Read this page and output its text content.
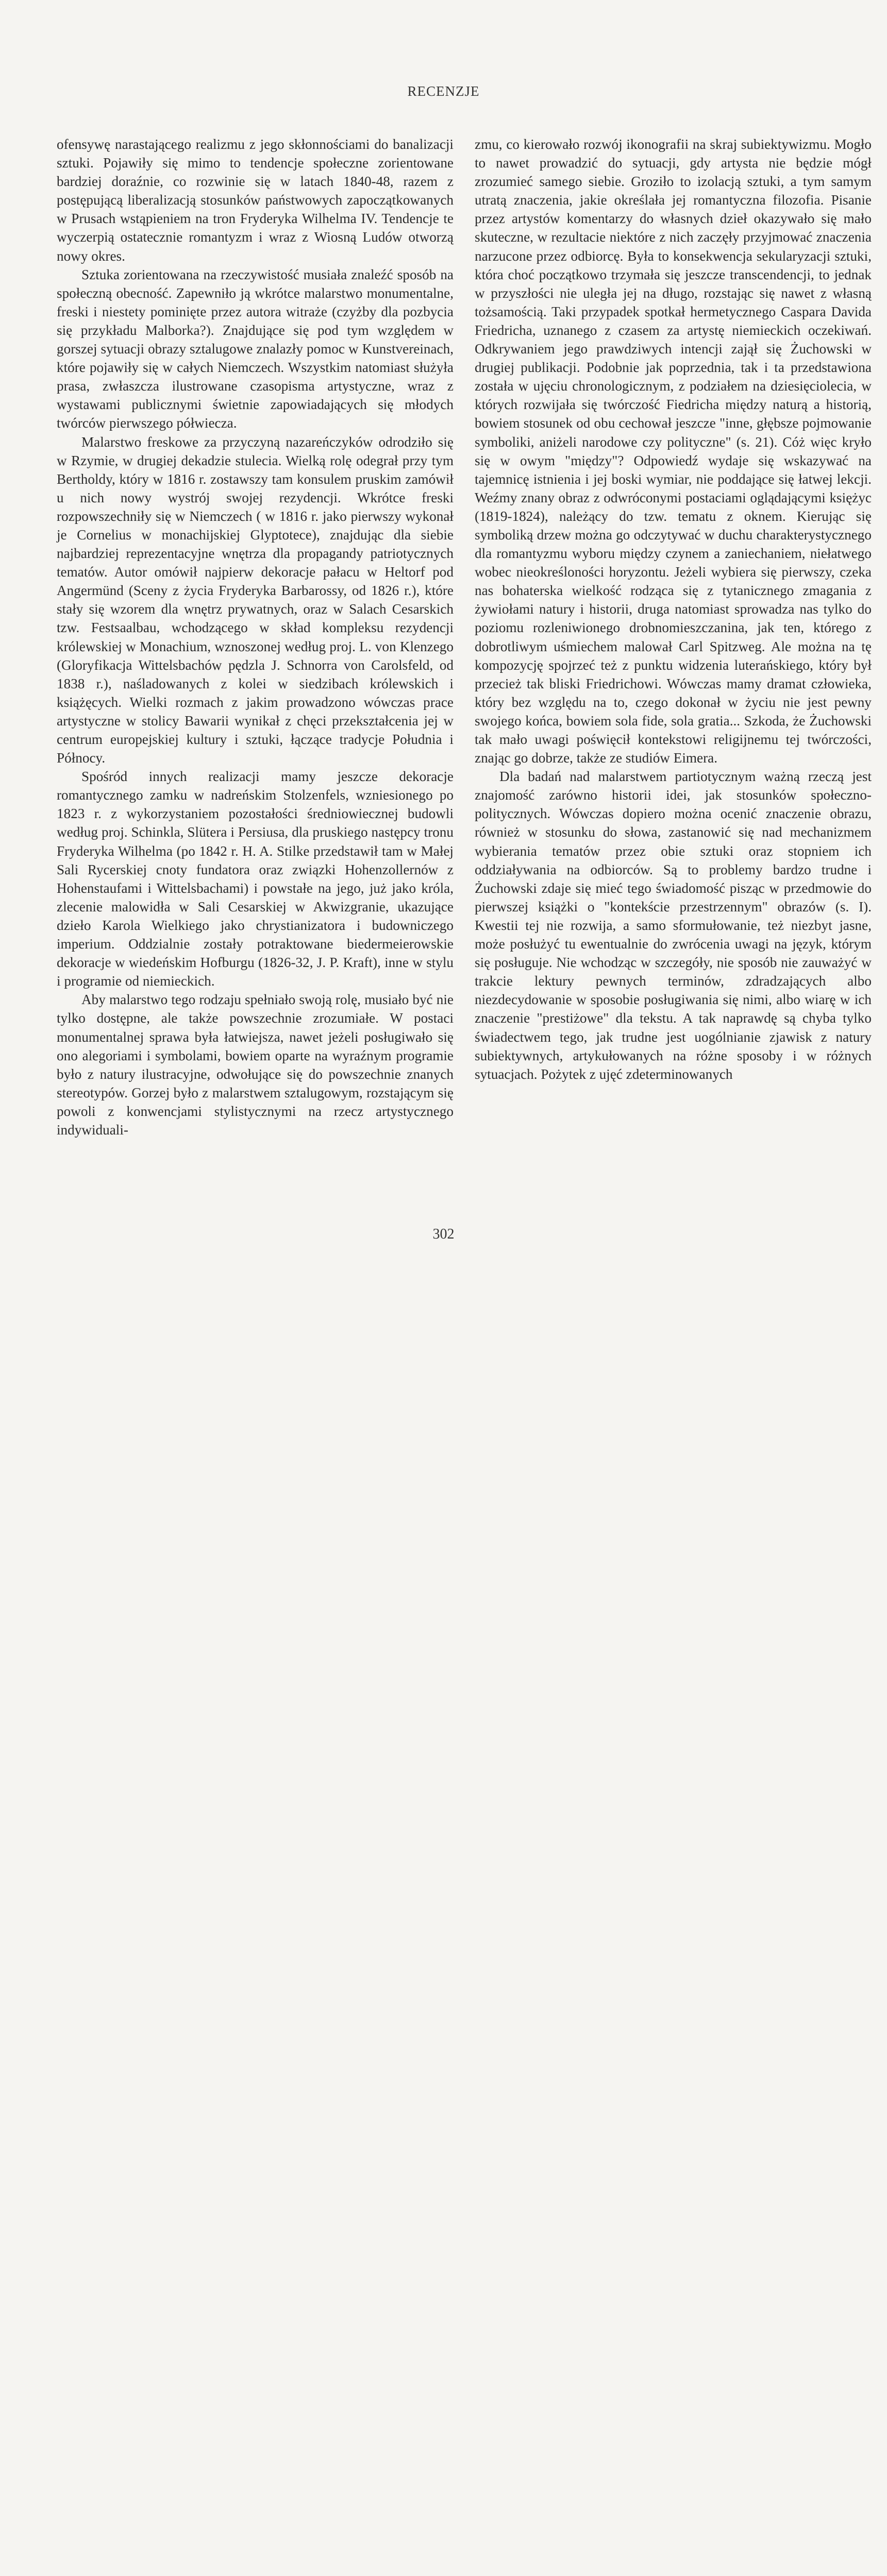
RECENZJE

ofensywę narastającego realizmu z jego skłonnościami do banalizacji sztuki. Pojawiły się mimo to tendencje społeczne zorientowane bardziej doraźnie, co rozwinie się w latach 1840-48, razem z postępującą liberalizacją stosunków państwowych zapoczątkowanych w Prusach wstąpieniem na tron Fryderyka Wilhelma IV. Tendencje te wyczerpią ostatecznie romantyzm i wraz z Wiosną Ludów otworzą nowy okres.

Sztuka zorientowana na rzeczywistość musiała znaleźć sposób na społeczną obecność. Zapewniło ją wkrótce malarstwo monumentalne, freski i niestety pominięte przez autora witraże (czyżby dla pozbycia się przykładu Malborka?). Znajdujące się pod tym względem w gorszej sytuacji obrazy sztalugowe znalazły pomoc w Kunstvereinach, które pojawiły się w całych Niemczech. Wszystkim natomiast służyła prasa, zwłaszcza ilustrowane czasopisma artystyczne, wraz z wystawami publicznymi świetnie zapowiadających się młodych twórców pierwszego półwiecza.

Malarstwo freskowe za przyczyną nazareńczyków odrodziło się w Rzymie, w drugiej dekadzie stulecia. Wielką rolę odegrał przy tym Bertholdy, który w 1816 r. zostawszy tam konsulem pruskim zamówił u nich nowy wystrój swojej rezydencji. Wkrótce freski rozpowszechniły się w Niemczech ( w 1816 r. jako pierwszy wykonał je Cornelius w monachijskiej Glyptotece), znajdując dla siebie najbardziej reprezentacyjne wnętrza dla propagandy patriotycznych tematów. Autor omówił najpierw dekoracje pałacu w Heltorf pod Angermünd (Sceny z życia Fryderyka Barbarossy, od 1826 r.), które stały się wzorem dla wnętrz prywatnych, oraz w Salach Cesarskich tzw. Festsaalbau, wchodzącego w skład kompleksu rezydencji królewskiej w Monachium, wznoszonej według proj. L. von Klenzego (Gloryfikacja Wittelsbachów pędzla J. Schnorra von Carolsfeld, od 1838 r.), naśladowanych z kolei w siedzibach królewskich i książęcych. Wielki rozmach z jakim prowadzono wówczas prace artystyczne w stolicy Bawarii wynikał z chęci przekształcenia jej w centrum europejskiej kultury i sztuki, łączące tradycje Południa i Północy.

Spośród innych realizacji mamy jeszcze dekoracje romantycznego zamku w nadreńskim Stolzenfels, wzniesionego po 1823 r. z wykorzystaniem pozostałości średniowiecznej budowli według proj. Schinkla, Slütera i Persiusa, dla pruskiego następcy tronu Fryderyka Wilhelma (po 1842 r. H. A. Stilke przedstawił tam w Małej Sali Rycerskiej cnoty fundatora oraz związki Hohenzollernów z Hohenstaufami i Wittelsbachami) i powstałe na jego, już jako króla, zlecenie malowidła w Sali Cesarskiej w Akwizgranie, ukazujące dzieło Karola Wielkiego jako chrystianizatora i budowniczego imperium. Oddzialnie zostały potraktowane biedermeierowskie dekoracje w wiedeńskim Hofburgu (1826-32, J. P. Kraft), inne w stylu i programie od niemieckich.

Aby malarstwo tego rodzaju spełniało swoją rolę, musiało być nie tylko dostępne, ale także powszechnie zrozumiałe. W postaci monumentalnej sprawa była łatwiejsza, nawet jeżeli posługiwało się ono alegoriami i symbolami, bowiem oparte na wyraźnym programie było z natury ilustracyjne, odwołujące się do powszechnie znanych stereotypów. Gorzej było z malarstwem sztalugowym, rozstającym się powoli z konwencjami stylistycznymi na rzecz artystycznego indywiduali-

zmu, co kierowało rozwój ikonografii na skraj subiektywizmu. Mogło to nawet prowadzić do sytuacji, gdy artysta nie będzie mógł zrozumieć samego siebie. Groziło to izolacją sztuki, a tym samym utratą znaczenia, jakie określała jej romantyczna filozofia. Pisanie przez artystów komentarzy do własnych dzieł okazywało się mało skuteczne, w rezultacie niektóre z nich zaczęły przyjmować znaczenia narzucone przez odbiorcę. Była to konsekwencja sekularyzacji sztuki, która choć początkowo trzymała się jeszcze transcendencji, to jednak w przyszłości nie uległa jej na długo, rozstając się nawet z własną tożsamością. Taki przypadek spotkał hermetycznego Caspara Davida Friedricha, uznanego z czasem za artystę niemieckich oczekiwań. Odkrywaniem jego prawdziwych intencji zajął się Żuchowski w drugiej publikacji. Podobnie jak poprzednia, tak i ta przedstawiona została w ujęciu chronologicznym, z podziałem na dziesięciolecia, w których rozwijała się twórczość Fiedricha między naturą a historią, bowiem stosunek od obu cechował jeszcze "inne, głębsze pojmowanie symboliki, aniżeli narodowe czy polityczne" (s. 21). Cóż więc kryło się w owym "między"? Odpowiedź wydaje się wskazywać na tajemnicę istnienia i jej boski wymiar, nie poddające się łatwej lekcji. Weźmy znany obraz z odwróconymi postaciami oglądającymi księżyc (1819-1824), należący do tzw. tematu z oknem. Kierując się symboliką drzew można go odczytywać w duchu charakterystycznego dla romantyzmu wyboru między czynem a zaniechaniem, niełatwego wobec nieokreśloności horyzontu. Jeżeli wybiera się pierwszy, czeka nas bohaterska wielkość rodząca się z tytanicznego zmagania z żywiołami natury i historii, druga natomiast sprowadza nas tylko do poziomu rozleniwionego drobnomieszczanina, jak ten, którego z dobrotliwym uśmiechem malował Carl Spitzweg. Ale można na tę kompozycję spojrzeć też z punktu widzenia luterańskiego, który był przecież tak bliski Friedrichowi. Wówczas mamy dramat człowieka, który bez względu na to, czego dokonał w życiu nie jest pewny swojego końca, bowiem sola fide, sola gratia... Szkoda, że Żuchowski tak mało uwagi poświęcił kontekstowi religijnemu tej twórczości, znając go dobrze, także ze studiów Eimera.

Dla badań nad malarstwem partiotycznym ważną rzeczą jest znajomość zarówno historii idei, jak stosunków społeczno-politycznych. Wówczas dopiero można ocenić znaczenie obrazu, również w stosunku do słowa, zastanowić się nad mechanizmem wybierania tematów przez obie sztuki oraz stopniem ich oddziaływania na odbiorców. Są to problemy bardzo trudne i Żuchowski zdaje się mieć tego świadomość pisząc w przedmowie do pierwszej książki o "kontekście przestrzennym" obrazów (s. I). Kwestii tej nie rozwija, a samo sformułowanie, też niezbyt jasne, może posłużyć tu ewentualnie do zwrócenia uwagi na język, którym się posługuje. Nie wchodząc w szczegóły, nie sposób nie zauważyć w trakcie lektury pewnych terminów, zdradzających albo niezdecydowanie w sposobie posługiwania się nimi, albo wiarę w ich znaczenie "prestiżowe" dla tekstu. A tak naprawdę są chyba tylko świadectwem tego, jak trudne jest uogólnianie zjawisk z natury subiektywnych, artykułowanych na różne sposoby i w różnych sytuacjach. Pożytek z ujęć zdeterminowanych

302
